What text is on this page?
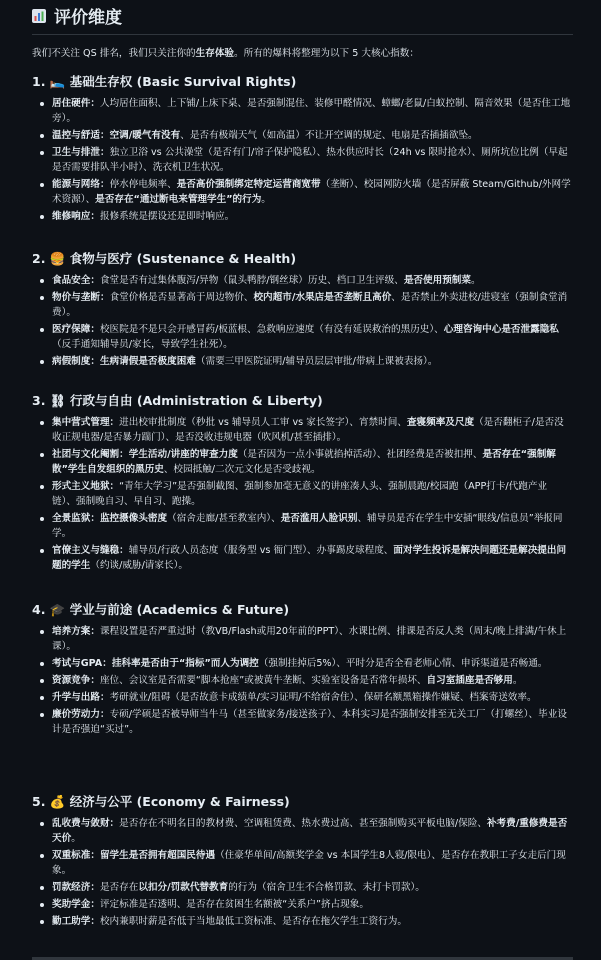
评价维度

我们不关注 QS 排名，我们只关注你的生存体验。所有的爆料将整理为以下 5 大核心指数：

1. 🛌 基础生存权 (Basic Survival Rights)
居住硬件：人均居住面积、上下铺/上床下桌、是否强制混住、装修甲醛情况、蟑螂/老鼠/白蚁控制、隔音效果（是否住工地旁）。
温控与舒适：空调/暖气有没有、是否有极端天气（如高温）不让开空调的规定、电扇是否插插欲坠。
卫生与排泄：独立卫浴 vs 公共澡堂（是否有门/帘子保护隐私）、热水供应时长（24h vs 限时抢水）、厕所坑位比例（早起是否需要排队半小时）、洗衣机卫生状况。
能源与网络：停水停电频率、是否高价强制绑定特定运营商宽带（垄断）、校园网防火墙（是否屏蔽 Steam/Github/外网学术资源）、是否存在“通过断电来管理学生”的行为。
维修响应：报修系统是摆设还是即时响应。
2. 🍔 食物与医疗 (Sustenance & Health)
食品安全：食堂是否有过集体腹泻/异物（鼠头鸭脖/钢丝球）历史、档口卫生评级、是否使用预制菜。
物价与垄断：食堂价格是否显著高于周边物价、校内超市/水果店是否垄断且高价、是否禁止外卖进校/进寝室（强制食堂消费）。
医疗保障：校医院是不是只会开感冒药/板蓝根、急救响应速度（有没有延误救治的黑历史）、心理咨询中心是否泄露隐私（反手通知辅导员/家长，导致学生社死）。
病假制度：生病请假是否极度困难（需要三甲医院证明/辅导员层层审批/带病上课被表扬）。
3. ⛓ 行政与自由 (Administration & Liberty)
集中营式管理：进出校审批制度（秒批 vs 辅导员人工审 vs 家长签字）、宵禁时间、查寝频率及尺度（是否翻柜子/是否没收正规电器/是否暴力踹门）、是否没收违规电器（吹风机/甚至插排）。
社团与文化阉割：学生活动/讲座的审查力度（是否因为一点小事就掐掉活动）、社团经费是否被扣押、是否存在“强制解散”学生自发组织的黑历史、校园抵触/二次元文化是否受歧视。
形式主义地狱：“青年大学习”是否强制截图、强制参加毫无意义的讲座凑人头、强制晨跑/校园跑（APP打卡/代跑产业链）、强制晚自习、早自习、跑操。
全景监狱：监控摄像头密度（宿舍走廊/甚至教室内）、是否滥用人脸识别、辅导员是否在学生中安插“眼线/信息员”举报同学。
官僚主义与缝稳：辅导员/行政人员态度（服务型 vs 衙门型）、办事踢皮球程度、面对学生投诉是解决问题还是解决提出问题的学生（约谈/威胁/请家长）。
4. 🎓 学业与前途 (Academics & Future)
培养方案：课程设置是否严重过时（教VB/Flash或用20年前的PPT）、水课比例、排课是否反人类（周末/晚上排满/午休上课）。
考试与GPA：挂科率是否由于“指标”而人为调控（强制挂掉后5%）、平时分是否全看老师心情、申诉渠道是否畅通。
资源竞争：座位、会议室是否需要“脚本抢座”或被黄牛垄断、实验室设备是否常年损坏、自习室插座是否够用。
升学与出路：考研就业/阻碍（是否故意卡成绩单/实习证明/不给宿舍住）、保研名额黑箱操作嫌疑、档案寄送效率。
廉价劳动力：专硕/学硕是否被导师当牛马（甚至做家务/接送孩子）、本科实习是否强制安排至无关工厂（打螺丝）、毕业设计是否强迫“买过”。
5. 💰 经济与公平 (Economy & Fairness)
乱收费与敛财：是否存在不明名目的教材费、空调租赁费、热水费过高、甚至强制购买平板电脑/保险、补考费/重修费是否天价。
双重标准：留学生是否拥有超国民待遇（住豪华单间/高额奖学金 vs 本国学生8人寝/限电）、是否存在教职工子女走后门现象。
罚款经济：是否存在以扣分/罚款代替教育的行为（宿舍卫生不合格罚款、未打卡罚款）。
奖助学金：评定标准是否透明、是否存在贫困生名额被“关系户”挤占现象。
勤工助学：校内兼职时薪是否低于当地最低工资标准、是否存在拖欠学生工资行为。
